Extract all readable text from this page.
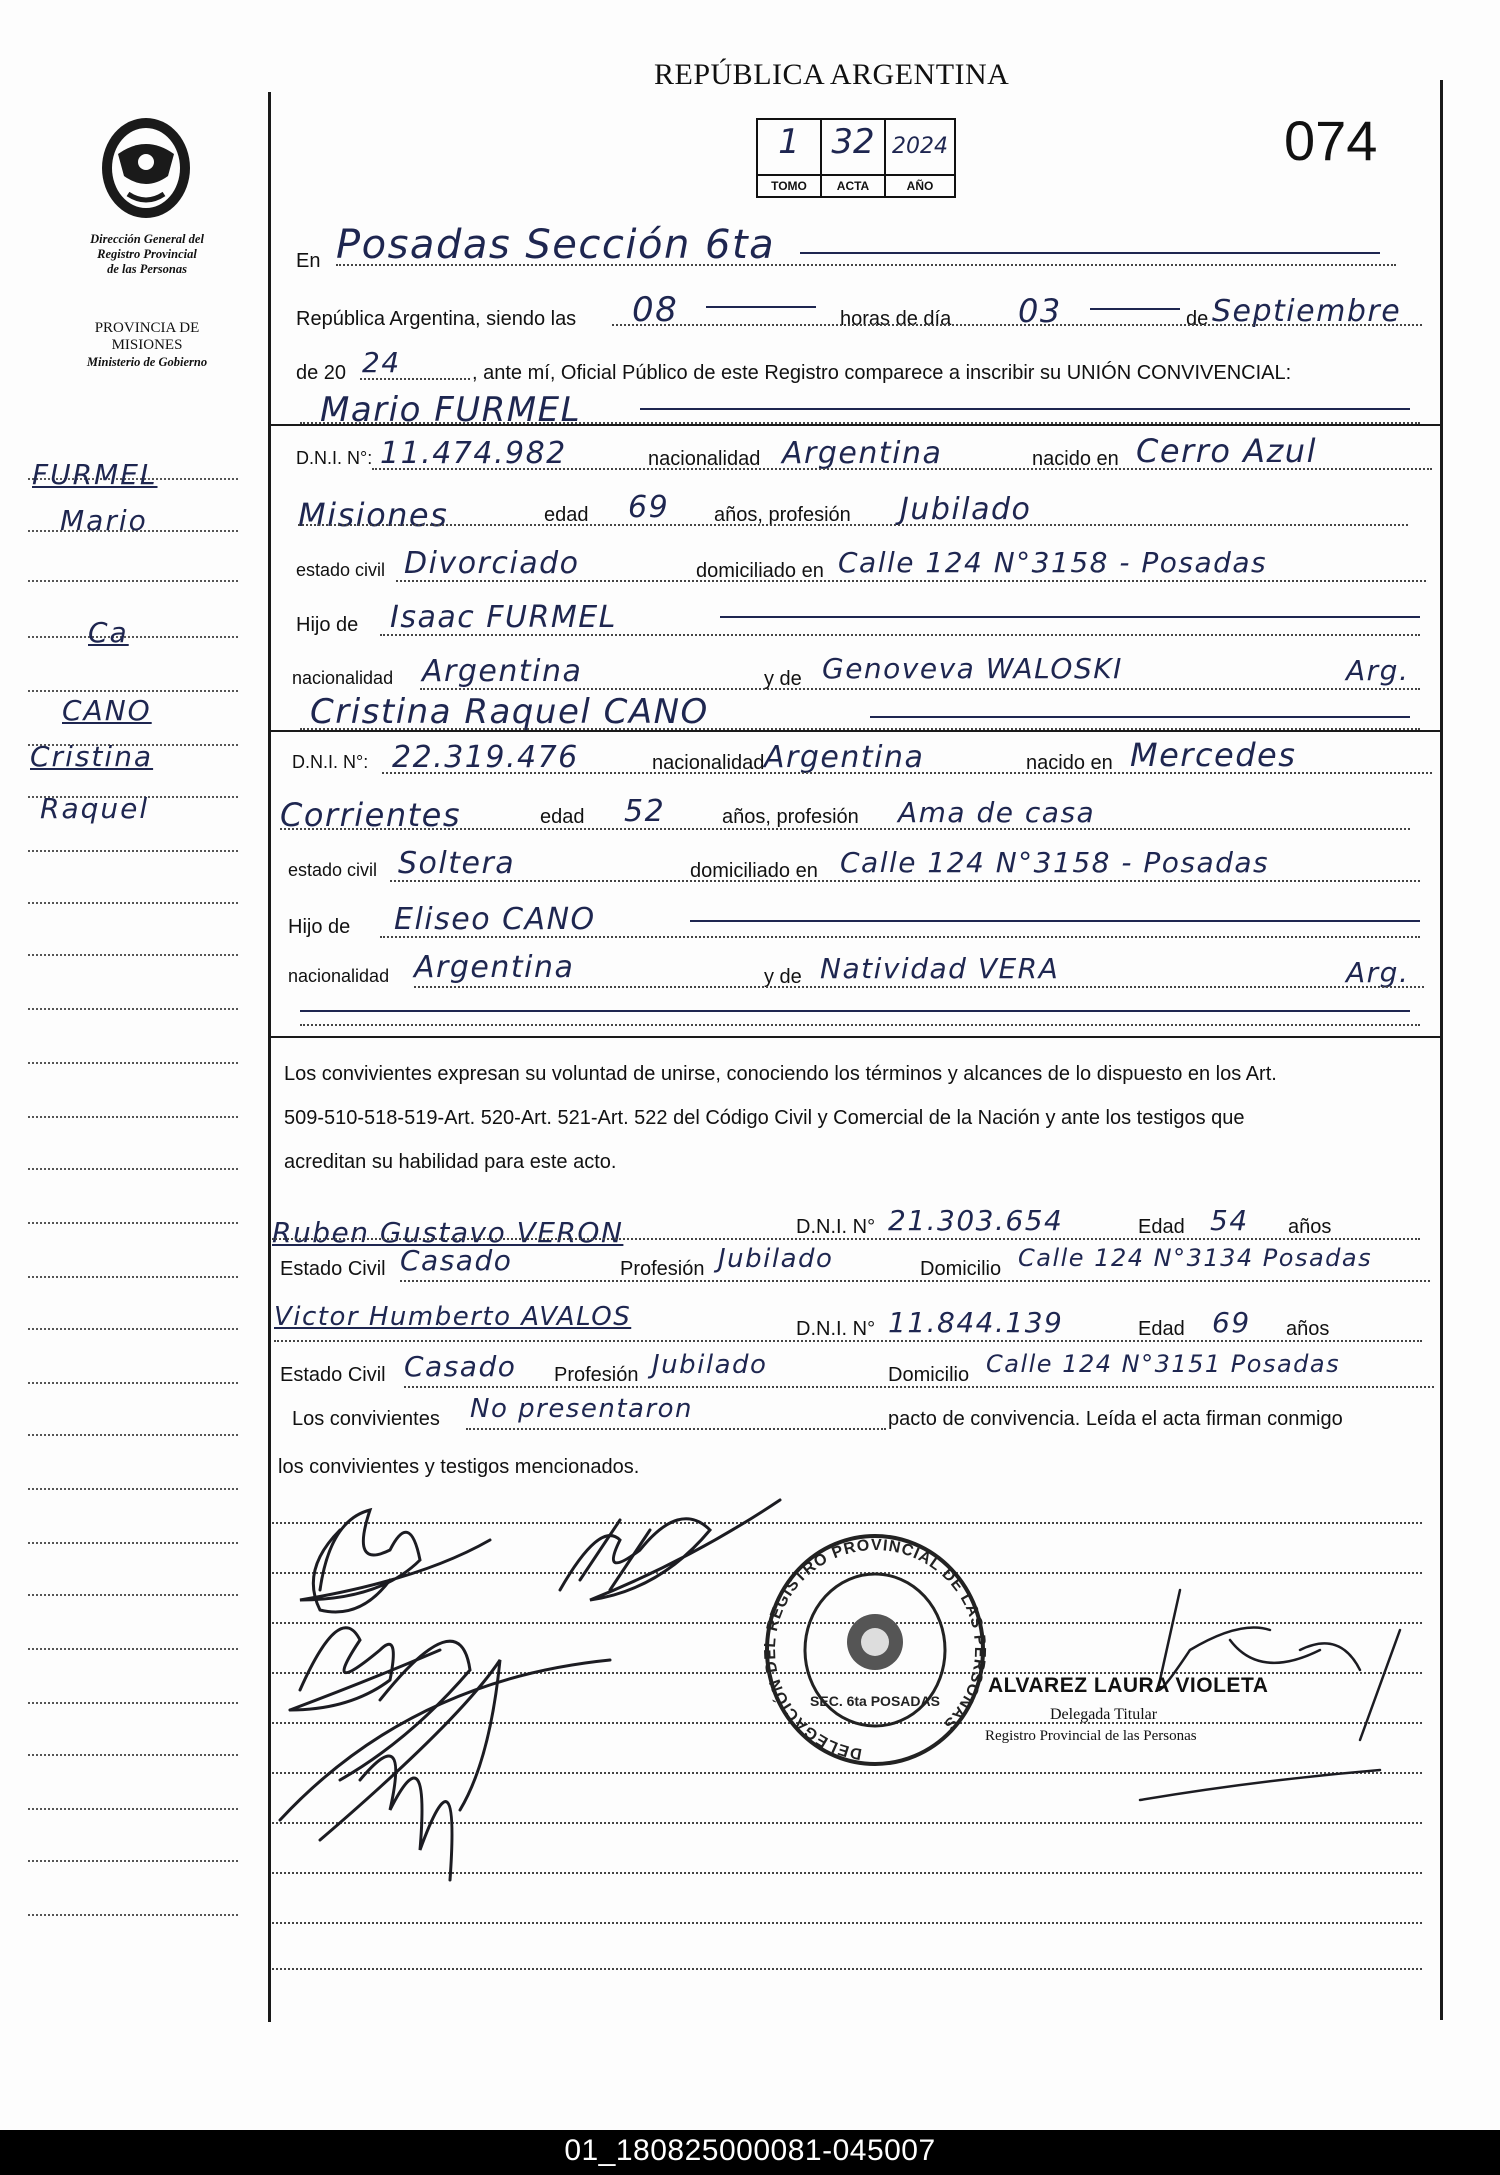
REPÚBLICA ARGENTINA
074
1
TOMO
32
ACTA
2024
AÑO
Dirección General del
Registro Provincial
de las Personas
PROVINCIA DE
MISIONES
Ministerio de Gobierno
FURMEL
Mario
Ca
CANO
Cristina
Raquel
En Posadas Sección 6ta
República Argentina, siendo las 08	horas de día 03	de Septiembre
de 20 24	, ante mí, Oficial Público de este Registro comparece a inscribir su UNIÓN CONVIVENCIAL:
Mario FURMEL
D.N.I. N°: 11.474.982	nacionalidad Argentina	nacido en Cerro Azul
Misiones	edad 69 años, profesión Jubilado
estado civil Divorciado	domiciliado en Calle 124 N°3158 - Posadas
Hijo de Isaac FURMEL
nacionalidad Argentina	y de Genoveva WALOSKI	Arg.
Cristina Raquel CANO
D.N.I. N°: 22.319.476	nacionalidad Argentina	nacido en Mercedes
Corrientes	edad 52	años, profesión Ama de casa
estado civil Soltera	domiciliado en Calle 124 N°3158 - Posadas
Hijo de Eliseo CANO
nacionalidad Argentina	y de Natividad VERA	Arg.
Los convivientes expresan su voluntad de unirse, conociendo los términos y alcances de lo dispuesto en los Art.
509-510-518-519-Art. 520-Art. 521-Art. 522 del Código Civil y Comercial de la Nación y ante los testigos que
acreditan su habilidad para este acto.
Ruben Gustavo VERON	D.N.I. N° 21.303.654	Edad 54 años
Estado Civil Casado	Profesión Jubilado	Domicilio Calle 124 N°3134 Posadas
Victor Humberto AVALOS	D.N.I. N° 11.844.139	Edad 69 años
Estado Civil Casado Profesión Jubilado	Domicilio Calle 124 N°3151 Posadas
Los convivientes No presentaron	pacto de convivencia. Leída el acta firman conmigo
los convivientes y testigos mencionados.
DELEGACIÓN DEL REGISTRO PROVINCIAL DE LAS PERSONAS
SEC. 6ta POSADAS
ALVAREZ LAURA VIOLETA
Delegada Titular
Registro Provincial de las Personas
01_180825000081-045007
